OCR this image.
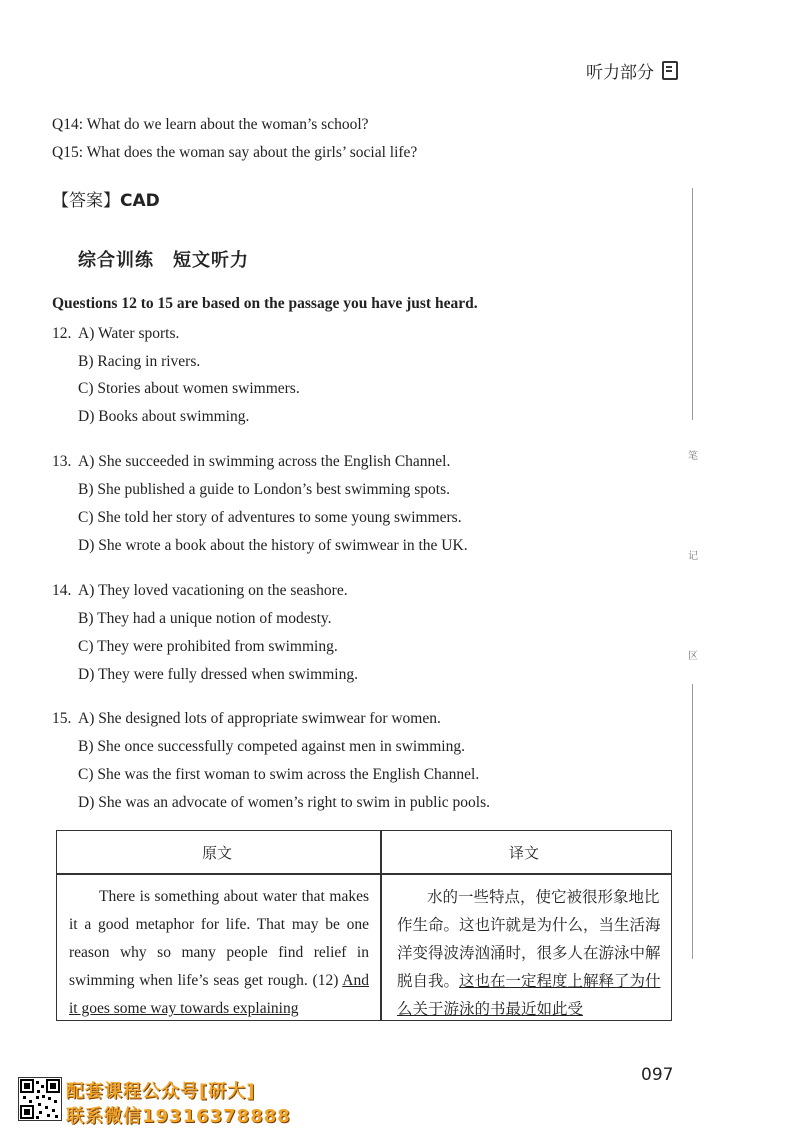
听力部分
Q14: What do we learn about the woman’s school?
Q15: What does the woman say about the girls’ social life?
【答案】CAD
综合训练　短文听力
Questions 12 to 15 are based on the passage you have just heard.
12. A) Water sports.
B) Racing in rivers.
C) Stories about women swimmers.
D) Books about swimming.
13. A) She succeeded in swimming across the English Channel.
B) She published a guide to London’s best swimming spots.
C) She told her story of adventures to some young swimmers.
D) She wrote a book about the history of swimwear in the UK.
14. A) They loved vacationing on the seashore.
B) They had a unique notion of modesty.
C) They were prohibited from swimming.
D) They were fully dressed when swimming.
15. A) She designed lots of appropriate swimwear for women.
B) She once successfully competed against men in swimming.
C) She was the first woman to swim across the English Channel.
D) She was an advocate of women’s right to swim in public pools.
笔
记
区
原文	译文
There is something about water that makes it a good metaphor for life. That may be one reason why so many people find relief in swimming when life’s seas get rough. (12) And it goes some way towards explaining
水的一些特点，使它被很形象地比作生命。这也许就是为什么，当生活海洋变得波涛汹涌时，很多人在游泳中解脱自我。这也在一定程度上解释了为什么关于游泳的书最近如此受
097
配套课程公众号[研大]
联系微信19316378888
